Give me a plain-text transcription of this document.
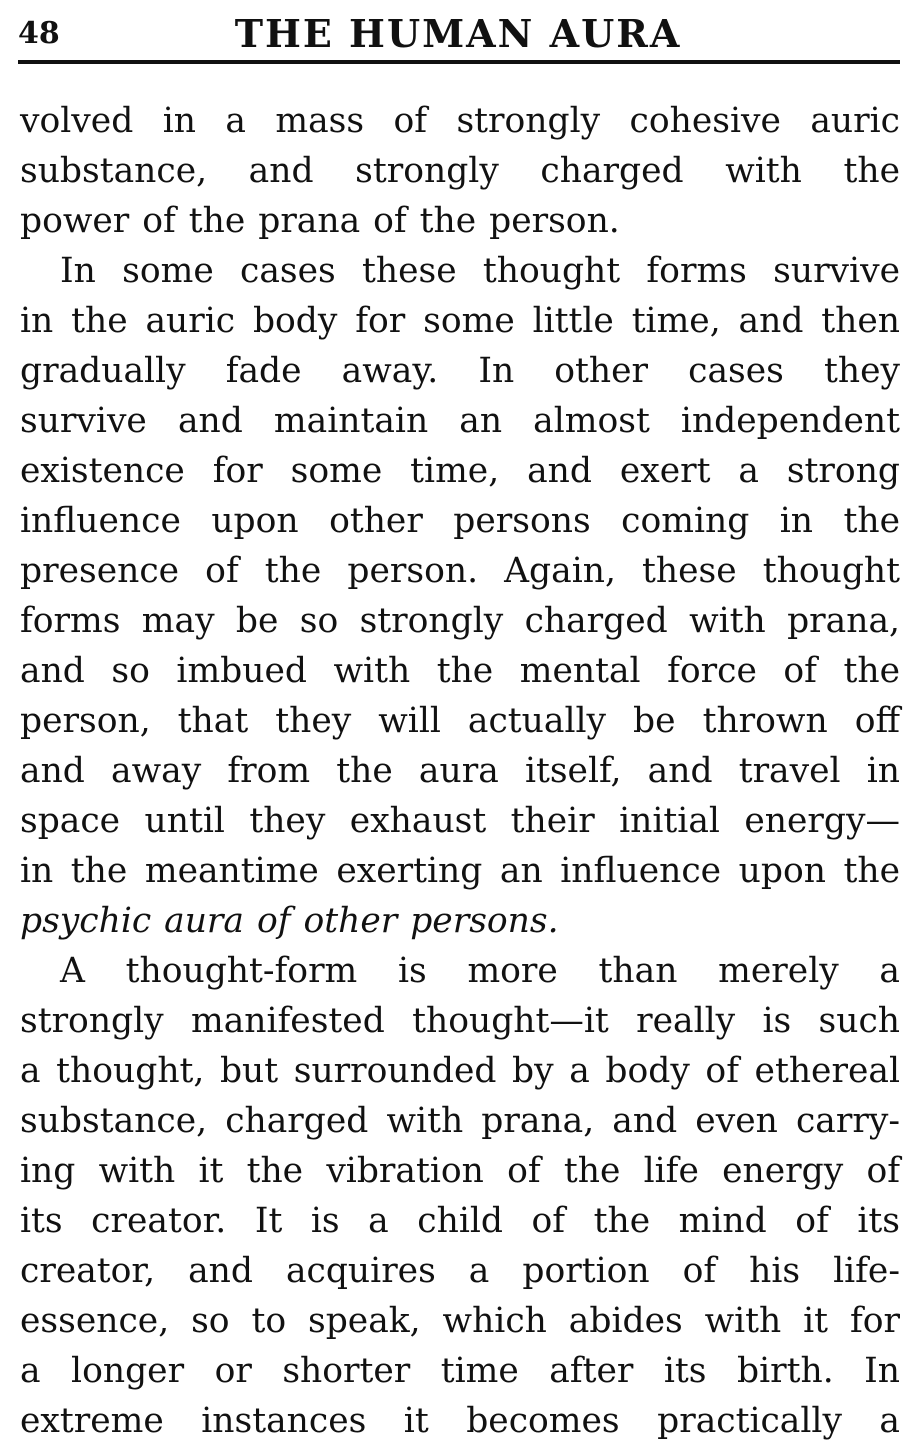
48	THE HUMAN AURA

volved in a mass of strongly cohesive auric
substance, and strongly charged with the
power of the prana of the person.

In some cases these thought forms survive
in the auric body for some little time, and then
gradually fade away. In other cases they
survive and maintain an almost independent
existence for some time, and exert a strong
influence upon other persons coming in the
presence of the person. Again, these thought
forms may be so strongly charged with prana,
and so imbued with the mental force of the
person, that they will actually be thrown off
and away from the aura itself, and travel in
space until they exhaust their initial energy—
in the meantime exerting an influence upon the
psychic aura of other persons.

A thought-form is more than merely a
strongly manifested thought—it really is such
a thought, but surrounded by a body of ethereal
substance, charged with prana, and even carry-
ing with it the vibration of the life energy of
its creator. It is a child of the mind of its
creator, and acquires a portion of his life-
essence, so to speak, which abides with it for
a longer or shorter time after its birth. In
extreme instances it becomes practically a
